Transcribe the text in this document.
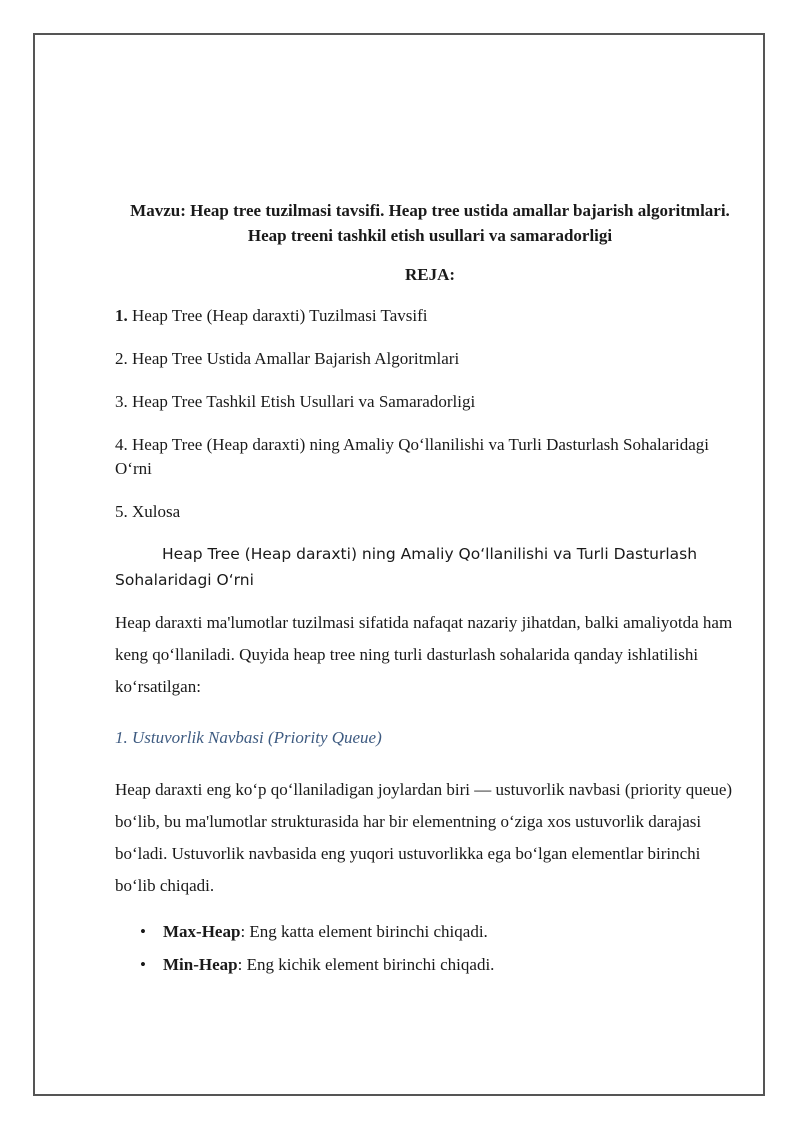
Mavzu: Heap tree tuzilmasi tavsifi. Heap tree ustida amallar bajarish algoritmlari. Heap treeni tashkil etish usullari va samaradorligi

REJA:

1. Heap Tree (Heap daraxti) Tuzilmasi Tavsifi
2. Heap Tree Ustida Amallar Bajarish Algoritmlari
3. Heap Tree Tashkil Etish Usullari va Samaradorligi
4. Heap Tree (Heap daraxti) ning Amaliy Qo‘llanilishi va Turli Dasturlash Sohalaridagi O‘rni
5. Xulosa

Heap Tree (Heap daraxti) ning Amaliy Qo‘llanilishi va Turli Dasturlash Sohalaridagi O‘rni

Heap daraxti ma'lumotlar tuzilmasi sifatida nafaqat nazariy jihatdan, balki amaliyotda ham keng qo‘llaniladi. Quyida heap tree ning turli dasturlash sohalarida qanday ishlatilishi ko‘rsatilgan:

1. Ustuvorlik Navbasi (Priority Queue)

Heap daraxti eng ko‘p qo‘llaniladigan joylardan biri — ustuvorlik navbasi (priority queue) bo‘lib, bu ma'lumotlar strukturasida har bir elementning o‘ziga xos ustuvorlik darajasi bo‘ladi. Ustuvorlik navbasida eng yuqori ustuvorlikka ega bo‘lgan elementlar birinchi bo‘lib chiqadi.

• Max-Heap: Eng katta element birinchi chiqadi.
• Min-Heap: Eng kichik element birinchi chiqadi.
